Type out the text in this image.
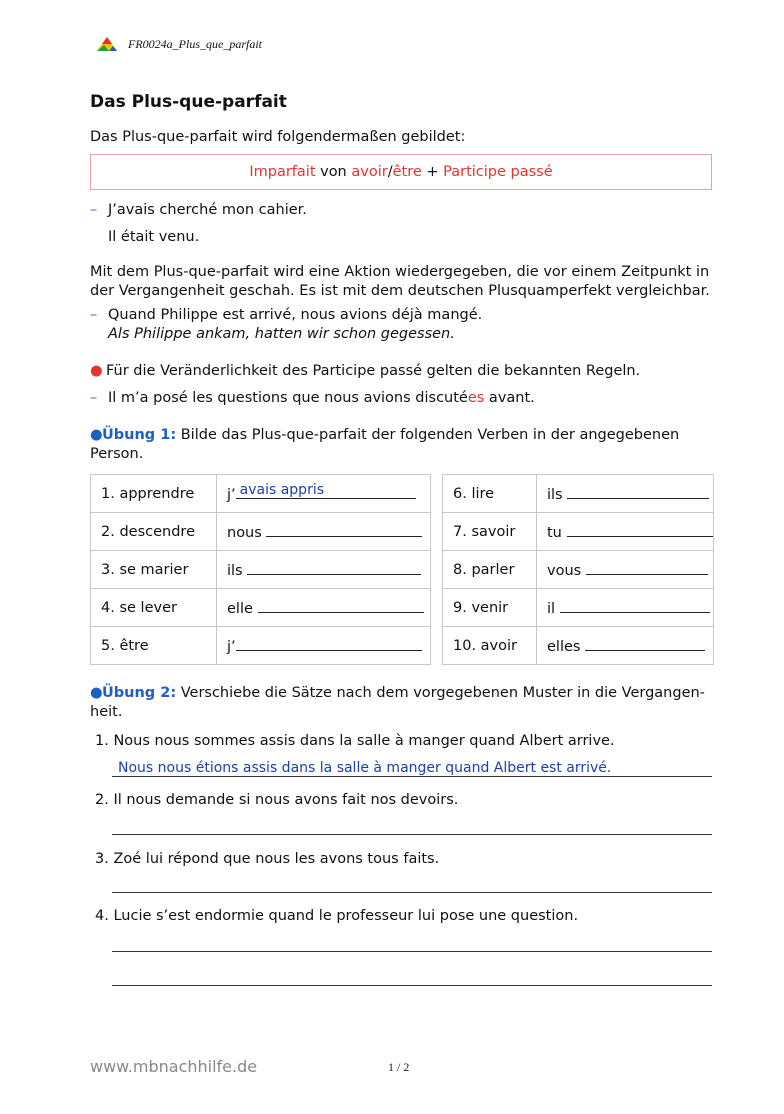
FR0024a_Plus_que_parfait
Das Plus-que-parfait
Das Plus-que-parfait wird folgendermaßen gebildet:
Imparfait von avoir / être + Participe passé
– J’avais cherché mon cahier.
Il était venu.
Mit dem Plus-que-parfait wird eine Aktion wiedergegeben, die vor einem Zeitpunkt in
der Vergangenheit geschah. Es ist mit dem deutschen Plusquamperfekt vergleichbar.
– Quand Philippe est arrivé, nous avions déjà mangé.
Als Philippe ankam, hatten wir schon gegessen.
● Für die Veränderlichkeit des Participe passé gelten die bekannten Regeln.
– Il m’a posé les questions que nous avions discutées avant.
●Übung 1: Bilde das Plus-que-parfait der folgenden Verben in der angegebenen
Person.
1. apprendre	j’ avais appris

2. descendre	nous
3. se marier	ils
4. se lever	elle
5. être	j’
6. lire	ils
7. savoir	tu
8. parler	vous
9. venir	il
10. avoir	elles
●Übung 2: Verschiebe die Sätze nach dem vorgegebenen Muster in die Vergangen-
heit.
1. Nous nous sommes assis dans la salle à manger quand Albert arrive.
Nous nous étions assis dans la salle à manger quand Albert est arrivé.
2. Il nous demande si nous avons fait nos devoirs.
3. Zoé lui répond que nous les avons tous faits.
4. Lucie s’est endormie quand le professeur lui pose une question.
www.mbnachhilfe.de	1 / 2
